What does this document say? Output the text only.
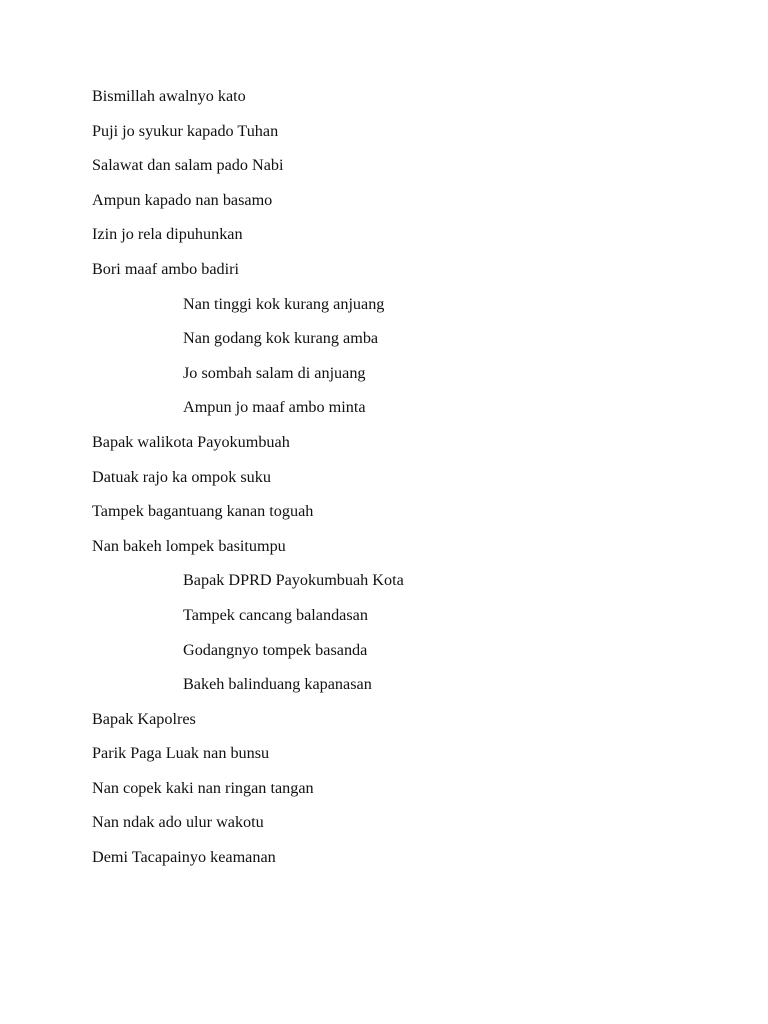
Bismillah awalnyo kato
Puji jo syukur kapado Tuhan
Salawat dan salam pado Nabi
Ampun kapado nan basamo
Izin jo rela dipuhunkan
Bori maaf ambo badiri
Nan tinggi kok kurang anjuang
Nan godang kok kurang amba
Jo sombah salam di anjuang
Ampun jo maaf ambo minta
Bapak walikota Payokumbuah
Datuak rajo ka ompok suku
Tampek bagantuang kanan toguah
Nan bakeh lompek basitumpu
Bapak DPRD Payokumbuah Kota
Tampek cancang balandasan
Godangnyo tompek basanda
Bakeh balinduang kapanasan
Bapak Kapolres
Parik Paga Luak nan bunsu
Nan copek kaki nan ringan tangan
Nan ndak ado ulur wakotu
Demi Tacapainyo keamanan
